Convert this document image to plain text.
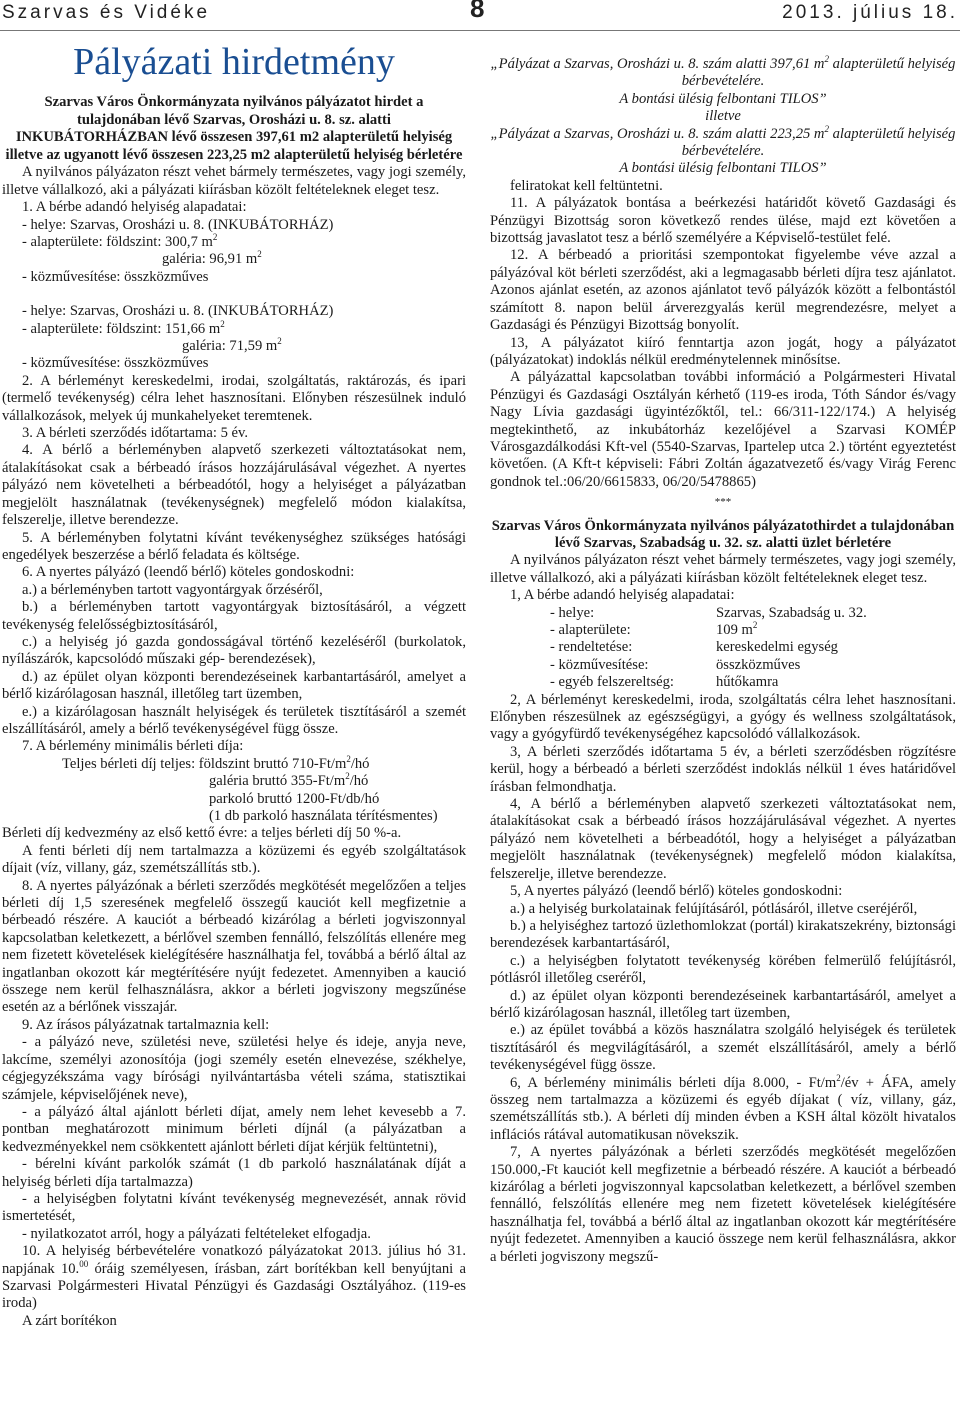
Szarvas és Vidéke	8	2013. július 18.

Pályázati hirdetmény

Szarvas Város Önkormányzata nyilvános pályázatot hirdet a tulajdonában lévő Szarvas, Orosházi u. 8. sz. alatti INKUBÁTORHÁZBAN lévő összesen 397,61 m2 alapterületű helyiség illetve az ugyanott lévő összesen 223,25 m2 alapterületű helyiség bérletére

A nyilvános pályázaton részt vehet bármely természetes, vagy jogi személy, illetve vállalkozó, aki a pályázati kiírásban közölt feltételeknek eleget tesz.

1. A bérbe adandó helyiség alapadatai:

- helye: Szarvas, Orosházi u. 8. (INKUBÁTORHÁZ)

- alapterülete: földszint: 300,7 $m^2$

galéria: 96,91 $m^2$

- közművesítése: összközműves

- helye: Szarvas, Orosházi u. 8. (INKUBÁTORHÁZ)

- alapterülete: földszint: 151,66 $m^2$

galéria: 71,59 $m^2$

- közművesítése: összközműves

2. A bérleményt kereskedelmi, irodai, szolgáltatás, raktározás, és ipari (termelő tevékenység) célra lehet hasznosítani. Előnyben részesülnek induló vállalkozások, melyek új munkahelyeket teremtenek.

3. A bérleti szerződés időtartama: 5 év.

4. A bérlő a bérleményben alapvető szerkezeti változtatásokat nem, átalakításokat csak a bérbeadó írásos hozzájárulásával végezhet. A nyertes pályázó nem követelheti a bérbeadótól, hogy a helyiséget a pályázatban megjelölt használatnak (tevékenységnek) megfelelő módon kialakítsa, felszerelje, illetve berendezze.

5. A bérleményben folytatni kívánt tevékenységhez szükséges hatósági engedélyek beszerzése a bérlő feladata és költsége.

6. A nyertes pályázó (leendő bérlő) köteles gondoskodni:

a.) a bérleményben tartott vagyontárgyak őrzéséről,

b.) a bérleményben tartott vagyontárgyak biztosításáról, a végzett tevékenység felelősségbiztosításáról,

c.) a helyiség jó gazda gondosságával történő kezeléséről (burkolatok, nyílászárók, kapcsolódó műszaki gép- berendezések),

d.) az épület olyan központi berendezéseinek karbantartásáról, amelyet a bérlő kizárólagosan használ, illetőleg tart üzemben,

e.) a kizárólagosan használt helyiségek és területek tisztításáról a szemét elszállításáról, amely a bérlő tevékenységével függ össze.

7. A bérlemény minimális bérleti díja:

Teljes bérleti díj teljes: földszint bruttó $710-Ft/m^2/hó$

galéria bruttó $355-Ft/m^2/hó$

parkoló bruttó 1200-Ft/db/hó

(1 db parkoló használata térítésmentes)

Bérleti díj kedvezmény az első kettő évre: a teljes bérleti díj 50 %-a.

A fenti bérleti díj nem tartalmazza a közüzemi és egyéb szolgáltatások díjait (víz, villany, gáz, szemétszállítás stb.).

8. A nyertes pályázónak a bérleti szerződés megkötését megelőzően a teljes bérleti díj 1,5 szeresének megfelelő összegű kauciót kell megfizetnie a bérbeadó részére. A kauciót a bérbeadó kizárólag a bérleti jogviszonnyal kapcsolatban keletkezett, a bérlővel szemben fennálló, felszólítás ellenére meg nem fizetett követelések kielégítésére használhatja fel, továbbá a bérlő által az ingatlanban okozott kár megtérítésére nyújt fedezetet. Amennyiben a kaució összege nem kerül felhasználásra, akkor a bérleti jogviszony megszűnése esetén az a bérlőnek visszajár.

9. Az írásos pályázatnak tartalmaznia kell:

- a pályázó neve, születési neve, születési helye és ideje, anyja neve, lakcíme, személyi azonosítója (jogi személy esetén elnevezése, székhelye, cégjegyzékszáma vagy bírósági nyilvántartásba vételi száma, statisztikai számjele, képviselőjének neve),

- a pályázó által ajánlott bérleti díjat, amely nem lehet kevesebb a 7. pontban meghatározott minimum bérleti díjnál (a pályázatban a kedvezményekkel nem csökkentett ajánlott bérleti díjat kérjük feltüntetni),

- bérelni kívánt parkolók számát (1 db parkoló használatának díját a helyiség bérleti díja tartalmazza)

- a helyiségben folytatni kívánt tevékenység megnevezését, annak rövid ismertetését,

- nyilatkozatot arról, hogy a pályázati feltételeket elfogadja.

10. A helyiség bérbevételére vonatkozó pályázatokat 2013. július hó 31. napjának 10.00 óráig személyesen, írásban, zárt borítékban kell benyújtani a Szarvasi Polgármesteri Hivatal Pénzügyi és Gazdasági Osztályához. (119-es iroda)

A zárt borítékon

„Pályázat a Szarvas, Orosházi u. 8. szám alatti 397,61 $m^2$ alapterületű helyiség bérbevételére.

A bontási ülésig felbontani TILOS”

illetve

„Pályázat a Szarvas, Orosházi u. 8. szám alatti 223,25 $m^2$ alapterületű helyiség bérbevételére.

A bontási ülésig felbontani TILOS”

feliratokat kell feltüntetni.

11. A pályázatok bontása a beérkezési határidőt követő Gazdasági és Pénzügyi Bizottság soron következő rendes ülése, majd ezt követően a bizottság javaslatot tesz a bérlő személyére a Képviselő-testület felé.

12. A bérbeadó a prioritási szempontokat figyelembe véve azzal a pályázóval köt bérleti szerződést, aki a legmagasabb bérleti díjra tesz ajánlatot. Azonos ajánlat esetén, az azonos ajánlatot tevő pályázók között a felbontástól számított 8. napon belül árverezgyalás kerül megrendezésre, melyet a Gazdasági és Pénzügyi Bizottság bonyolít.

13, A pályázatot kiíró fenntartja azon jogát, hogy a pályázatot (pályázatokat) indoklás nélkül eredménytelennek minősítse.

A pályázattal kapcsolatban további információ a Polgármesteri Hivatal Pénzügyi és Gazdasági Osztályán kérhető (119-es iroda, Tóth Sándor és/vagy Nagy Lívia gazdasági ügyintézőktől, tel.: 66/311-122/174.) A helyiség megtekinthető, az inkubátorház kezelőjével a Szarvasi KOMÉP Városgazdálkodási Kft-vel (5540-Szarvas, Ipartelep utca 2.) történt egyeztetést követően. (A Kft-t képviseli: Fábri Zoltán ágazatvezető és/vagy Virág Ferenc gondnok tel.:06/20/6615833, 06/20/5478865)

***

Szarvas Város Önkormányzata nyilvános pályázatothirdet a tulajdonában lévő Szarvas, Szabadság u. 32. sz. alatti üzlet bérletére

A nyilvános pályázaton részt vehet bármely természetes, vagy jogi személy, illetve vállalkozó, aki a pályázati kiírásban közölt feltételeknek eleget tesz.

1, A bérbe adandó helyiség alapadatai:

- helye:	Szarvas, Szabadság u. 32.
- alapterülete:	109 $m^2$
- rendeltetése:	kereskedelmi egység
- közművesítése:	összközműves
- egyéb felszereltség:	hűtőkamra

2, A bérleményt kereskedelmi, iroda, szolgáltatás célra lehet hasznosítani. Előnyben részesülnek az egészségügyi, a gyógy és wellness szolgáltatások, vagy a gyógyfürdő tevékenységéhez kapcsolódó vállalkozások.

3, A bérleti szerződés időtartama 5 év, a bérleti szerződésben rögzítésre kerül, hogy a bérbeadó a bérleti szerződést indoklás nélkül 1 éves határidővel írásban felmondhatja.

4, A bérlő a bérleményben alapvető szerkezeti változtatásokat nem, átalakításokat csak a bérbeadó írásos hozzájárulásával végezhet. A nyertes pályázó nem követelheti a bérbeadótól, hogy a helyiséget a pályázatban megjelölt használatnak (tevékenységnek) megfelelő módon kialakítsa, felszerelje, illetve berendezze.

5, A nyertes pályázó (leendő bérlő) köteles gondoskodni:

a.) a helyiség burkolatainak felújításáról, pótlásáról, illetve cseréjéről,

b.) a helyiséghez tartozó üzlethomlokzat (portál) kirakatszekrény, biztonsági berendezések karbantartásáról,

c.) a helyiségben folytatott tevékenység körében felmerülő felújításról, pótlásról illetőleg cseréről,

d.) az épület olyan központi berendezéseinek karbantartásáról, amelyet a bérlő kizárólagosan használ, illetőleg tart üzemben,

e.) az épület továbbá a közös használatra szolgáló helyiségek és területek tisztításáról és megvilágításáról, a szemét elszállításáról, amely a bérlő tevékenységével függ össze.

6, A bérlemény minimális bérleti díja 8.000, - $Ft/m^2/év$ + ÁFA, amely összeg nem tartalmazza a közüzemi és egyéb díjakat ( víz, villany, gáz, szemétszállítás stb.). A bérleti díj minden évben a KSH által közölt hivatalos inflációs rátával automatikusan növekszik.

7, A nyertes pályázónak a bérleti szerződés megkötését megelőzően 150.000,-Ft kauciót kell megfizetnie a bérbeadó részére. A kauciót a bérbeadó kizárólag a bérleti jogviszonnyal kapcsolatban keletkezett, a bérlővel szemben fennálló, felszólítás ellenére meg nem fizetett követelések kielégítésére használhatja fel, továbbá a bérlő által az ingatlanban okozott kár megtérítésére nyújt fedezetet. Amennyiben a kaució összege nem kerül felhasználásra, akkor a bérleti jogviszony megszű-
